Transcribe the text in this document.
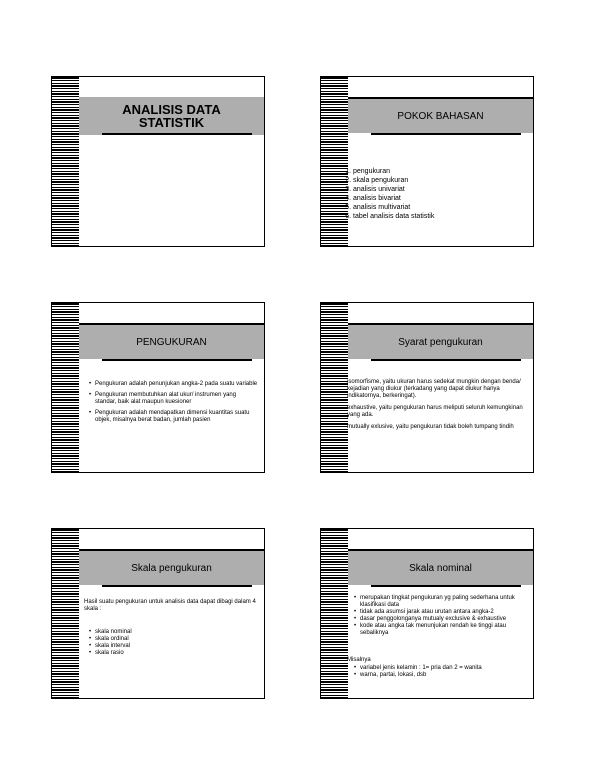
ANALISIS DATA
STATISTIK	POKOK BAHASAN
1. pengukuran
2. skala pengukuran
3. analisis univariat
4. analisis bivariat
5. analisis multivariat
6. tabel analisis data statistik
PENGUKURAN
• Pengukuran adalah penunjukan angka-2 pada suatu variable
• Pengukuran membutuhkan alat ukur/ instrumen yang standar, baik alat maupun kuesioner
• Pengukuran adalah mendapatkan dimensi kuantitas suatu objek, misalnya berat badan, jumlah pasien
Syarat pengukuran

isomorfisme, yaitu ukuran harus sedekat mungkin dengan benda/ kejadian yang diukur (terkadang yang dapat diukur hanya indikatornya, berkeringat).

exhaustive, yaitu pengukuran harus meliputi seluruh kemungkinan yang ada.

mutually exlusive, yaitu pengukuran tidak boleh tumpang tindih

Skala pengukuran
Hasil suatu pengukuran untuk analisis data dapat dibagi dalam 4 skala :
• skala nominal
• skala ordinal
• skala interval
• skala rasio
Skala nominal
• merupakan tingkat pengukuran yg paling sederhana untuk klasifikasi data
• tidak ada asumsi jarak atau urutan antara angka-2
• dasar penggolonganya mutualy exclusive & exhaustive
• kode atau angka tak menunjukan rendah ke tinggi atau sebaliknya
Misalnya
• variabel jenis kelamin : 1= pria dan 2 = wanita
• warna, partai, lokasi, dsb
